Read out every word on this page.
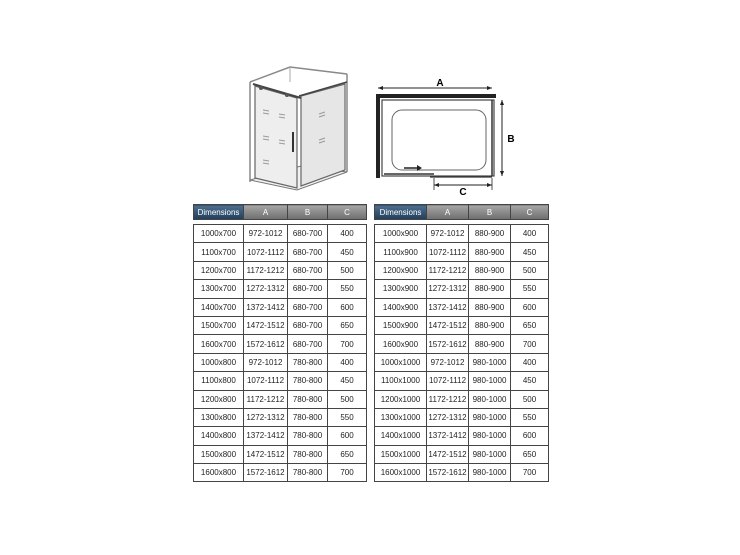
A
B
C
Dimensions	A	B	C

1000x700	972-1012	680-700	400
1100x700	1072-1112	680-700	450
1200x700	1172-1212	680-700	500
1300x700	1272-1312	680-700	550
1400x700	1372-1412	680-700	600
1500x700	1472-1512	680-700	650
1600x700	1572-1612	680-700	700
1000x800	972-1012	780-800	400
1100x800	1072-1112	780-800	450
1200x800	1172-1212	780-800	500
1300x800	1272-1312	780-800	550
1400x800	1372-1412	780-800	600
1500x800	1472-1512	780-800	650
1600x800	1572-1612	780-800	700
Dimensions	A	B	C

1000x900	972-1012	880-900	400
1100x900	1072-1112	880-900	450
1200x900	1172-1212	880-900	500
1300x900	1272-1312	880-900	550
1400x900	1372-1412	880-900	600
1500x900	1472-1512	880-900	650
1600x900	1572-1612	880-900	700
1000x1000	972-1012	980-1000	400
1100x1000	1072-1112	980-1000	450
1200x1000	1172-1212	980-1000	500
1300x1000	1272-1312	980-1000	550
1400x1000	1372-1412	980-1000	600
1500x1000	1472-1512	980-1000	650
1600x1000	1572-1612	980-1000	700
